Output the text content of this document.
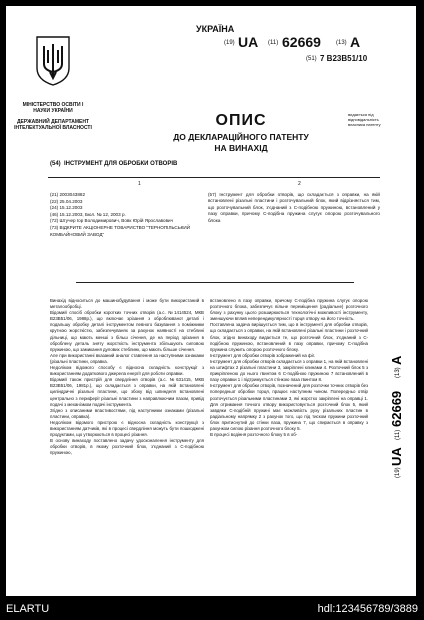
МІНІСТЕРСТВО ОСВІТИ І НАУКИ УКРАЇНИ
ДЕРЖАВНИЙ ДЕПАРТАМЕНТ ІНТЕЛЕКТУАЛЬНОЇ ВЛАСНОСТІ
УКРАЇНА
(19) UA (11) 62669	(13) A
(51) 7 B23B51/10
ОПИС
ДО ДЕКЛАРАЦІЙНОГО ПАТЕНТУ
НА ВИНАХІД
видається під відповідальність власника патенту
(54) ІНСТРУМЕНТ ДЛЯ ОБРОБКИ ОТВОРІВ
1	2
(21) 2003043882
(22) 25.04.2003
(24) 15.12.2003
(46) 15.12.2003, Бюл. № 12, 2003 р.
(72) Штучер Іор Володимирович, Вовк Юрій Ярославович
(73) ВІДКРИТЕ АКЦІОНЕРНЕ ТОВАРИСТВО "ТЕРНОПІЛЬСЬКИЙ КОМБАЙНОВИЙ ЗАВОД"
(57) Інструмент для обробки отворів, що складається з оправки, на якій встановлені різальні пластини і розточувальний блок, який відрізняється тим, що розточувальний блок, з'єднаний з С-подібною пружиною, встановлений у пазу оправки, причому С-подібна пружина слугує опорою розточувального блока

Винахід відноситься до машинобудування і може бути використаний в металообробці.

Відомий спосіб обробки коротких точних отворів (а.с. №1414524, МКВ B23B51/06, 1988р.), що включає зрізання з оброблюваної деталі і подальшу обробку деталі інструментом певного базування з поміжними крутною жорсткістю, забезпечуванях за рахунок наявності на стеблині дільниці, що мають менші з більш січення, де на період зрізання в оброблену деталь зняту жорсткість інструмента збільшують силовою пружиною, що замикання дулових стеблинк, що мають більше січення.

Але при використанні вказаний аналог ставлення за наступними ознаками (різальні пластини, оправка.

Недоліком відомого способу є відносна складність конструкції з використанням додаткового джерела енергії для роботи оправки.

Відомий також пристрій для свердління отворів (а.с. №631415, МКВ B23B51/06, 1981р.), що складається з оправки, на якій встановлені циліндричні різальні пластини, що збоку від шпинделя встановлені центрально з периферії різальні пластини з направлюючим пазом, привід подачі з механізмом подачі інструмента.

Згідно з описаними властивостями, під наступними ознаками (різальні пластини, оправка).

Недоліком відомого пристрою є відносна складність конструкції з використанням датчиків, які в процесі свердління можуть бути пошкоджені продуктами, що утворюються в процесі різання.

В основу винаходу поставлено задачу удосконалення інструменту для обробки отворів, в якому розточний блок, з'єднаний з С-подібною пружиною,

встановлено в пазу оправки, причому С-подібна пружина слугує опорою розточного блока, забезпечує вільне переміщення (радіальне) розточного блоку з рахунку цього розширюються технологічні можливості інструменту, зменшуючи вплив неперендикулярності торця отвору на його точність.

Поставлена задача вирішується тим, що в інструменті для обробки отворів, що складається з оправки, на якій встановлені різальні пластини і розточний блок, згідно винаходу видається те, що розточний блок, з'єднаний з С-подібною пружиною, встановлений в пазу оправки, причому С-подібна пружина служить опорою розточного блоку.

Інструмент для обробки отворів зображений на фіг.

Інструмент для обробки отворів складається з оправки 1, на якій встановлені на штифтах 2 різальні пластини 3, закріплені клинами 4. Розточний блок 5 з прикріпленою до нього гвинтом 6 С-подібною пружиною 7 встановлений в пазу оправки 1 і підтримується стінкою паза гвинтом 8.

Інструмент для обробки отворів, позначений для розточки точних отворів без попередньої обробки торця, працює наступним чином. Попередньо отвір розточується різальними пластинами 3, які жорстко закріплені на оправці 1. Для отримання точного отвору використовується розточний блок 5, який завдяки С-подібній пружині має можливість руху різальних пластин в радіальному напрямку 2 з рахунок того, що під тиском пружини розточний блок притиснутий до стінки паза, пружина 7, що спирається в оправку з рахунком силою різання розточного блоку 5.

В процесі водіння розточного блоку 5 в об-

(19)
UA
(11)
62669
(13)
A
ELARTU	hdl:123456789/3889
